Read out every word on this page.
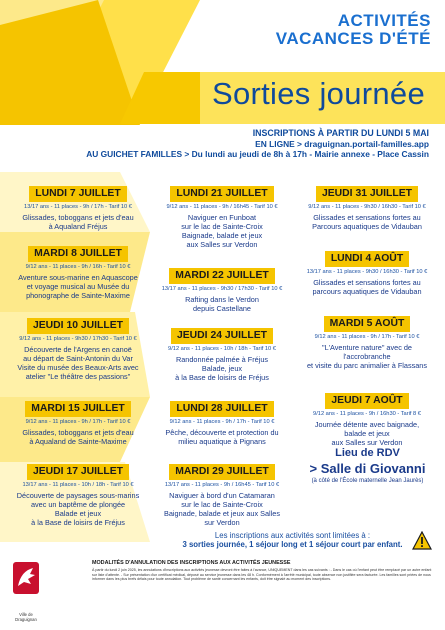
ACTIVITÉS
VACANCES D'ÉTÉ
Sorties journée
INSCRIPTIONS À PARTIR DU LUNDI 5 MAI
EN LIGNE > draguignan.portail-familles.app
AU GUICHET FAMILLES > Du lundi au jeudi de 8h à 17h - Mairie annexe - Place Cassin
LUNDI 7 JUILLET
13/17 ans - 11 places - 9h / 17h - Tarif 10 €
Glissades, toboggans et jets d'eau
à Aqualand Fréjus
MARDI 8 JUILLET
9/12 ans - 11 places - 9h / 16h - Tarif 10 €
Aventure sous-marine en Aquascope
et voyage musical au Musée du
phonographe de Sainte-Maxime
JEUDI 10 JUILLET
9/12 ans - 11 places - 9h30 / 17h30 - Tarif 10 €
Découverte de l'Argens en canoë
au départ de Saint-Antonin du Var
Visite du musée des Beaux-Arts avec
atelier "Le théâtre des passions"
MARDI 15 JUILLET
9/12 ans - 11 places - 9h / 17h - Tarif 10 €
Glissades, toboggans et jets d'eau
à Aqualand de Sainte-Maxime
JEUDI 17 JUILLET
13/17 ans - 11 places - 10h / 18h - Tarif 10 €
Découverte de paysages sous-marins
avec un baptême de plongée
Balade et jeux
à la Base de loisirs de Fréjus
LUNDI 21 JUILLET
9/12 ans - 11 places - 9h / 16h45 - Tarif 10 €
Naviguer en Funboat
sur le lac de Sainte-Croix
Baignade, balade et jeux
aux Salles sur Verdon
MARDI 22 JUILLET
13/17 ans - 11 places - 9h30 / 17h30 - Tarif 10 €
Rafting dans le Verdon
depuis Castellane
JEUDI 24 JUILLET
9/12 ans - 11 places - 10h / 18h - Tarif 10 €
Randonnée palmée à Fréjus
Balade, jeux
à la Base de loisirs de Fréjus
LUNDI 28 JUILLET
9/12 ans - 11 places - 9h / 17h - Tarif 10 €
Pêche, découverte et protection du
milieu aquatique à Pignans
MARDI 29 JUILLET
13/17 ans - 11 places - 9h / 16h45 - Tarif 10 €
Naviguer à bord d'un Catamaran
sur le lac de Sainte-Croix
Baignade, balade et jeux aux Salles
sur Verdon
JEUDI 31 JUILLET
9/12 ans - 11 places - 9h30 / 16h30 - Tarif 10 €
Glissades et sensations fortes au
Parcours aquatiques de Vidauban
LUNDI 4 AOÛT
13/17 ans - 11 places - 9h30 / 16h30 - Tarif 10 €
Glissades et sensations fortes au
parcours aquatiques de Vidauban
MARDI 5 AOÛT
9/12 ans - 11 places - 9h / 17h - Tarif 10 €
"L'Aventure nature" avec de
l'accrobranche
et visite du parc animalier à Flassans
JEUDI 7 AOÛT
9/12 ans - 11 places - 9h / 16h30 - Tarif 8 €
Journée détente avec baignade,
balade et jeux
aux Salles sur Verdon
Lieu de RDV
> Salle di Giovanni
(à côté de l'École maternelle Jean Jaurès)
Les inscriptions aux activités sont limitées à :
3 sorties journée, 1 séjour long et 1 séjour court par enfant.
Ville de Draguignan
MODALITÉS D'ANNULATION DES INSCRIPTIONS AUX ACTIVITÉS JEUNESSE
À partir du lundi 2 juin 2025, les annulations d'inscriptions aux activités jeunesse devront être faites à l'avance, UNIQUEMENT dans les cas suivants : - Dans le cas où l'enfant peut être remplacé par un autre enfant sur liste d'attente. - Sur présentation d'un certificat médical, déposé au service jeunesse dans les 48 h. Conformément à l'arrêté municipal, toute absence non justifiée sera facturée. Les familles sont priées de nous informer dans les plus brefs délais pour toute annulation. Tout problème de santé concernant les enfants, doit être signalé au moment des inscriptions.
